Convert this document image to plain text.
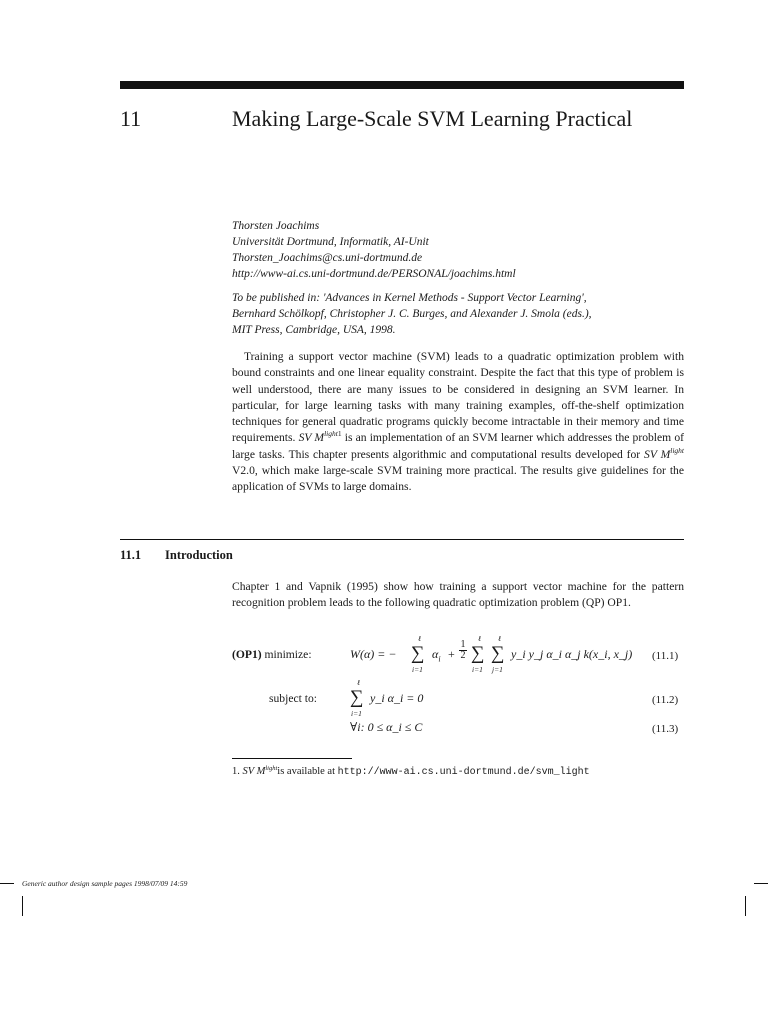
11	Making Large-Scale SVM Learning Practical
Thorsten Joachims
Universität Dortmund, Informatik, AI-Unit
Thorsten_Joachims@cs.uni-dortmund.de
http://www-ai.cs.uni-dortmund.de/PERSONAL/joachims.html
To be published in: 'Advances in Kernel Methods - Support Vector Learning',
Bernhard Schölkopf, Christopher J. C. Burges, and Alexander J. Smola (eds.),
MIT Press, Cambridge, USA, 1998.
Training a support vector machine (SVM) leads to a quadratic optimization problem with bound constraints and one linear equality constraint. Despite the fact that this type of problem is well understood, there are many issues to be considered in designing an SVM learner. In particular, for large learning tasks with many training examples, off-the-shelf optimization techniques for general quadratic programs quickly become intractable in their memory and time requirements. SV $M^{light1}$ is an implementation of an SVM learner which addresses the problem of large tasks. This chapter presents algorithmic and computational results developed for SV $M^{light}$ V2.0, which make large-scale SVM training more practical. The results give guidelines for the application of SVMs to large domains.
11.1 Introduction
Chapter 1 and Vapnik (1995) show how training a support vector machine for the pattern recognition problem leads to the following quadratic optimization problem (QP) OP1.
(OP1) minimize:	W(α) = − ∑
ℓ
i=1
$\alpha_i + \frac{1}{2}$ ∑
ℓ
i=1
∑
ℓ
j=1
y_i y_j α_i α_j k(x_i, x_j) (11.1)
subject to: ∑
ℓ
i=1
y_i α_i = 0	(11.2)
∀i: 0 ≤ α_i ≤ C	(11.3)
1. SV $M^{light}is$ available at http://www-ai.cs.uni-dortmund.de/svm_light
Generic author design sample pages 1998/07/09 14:59
